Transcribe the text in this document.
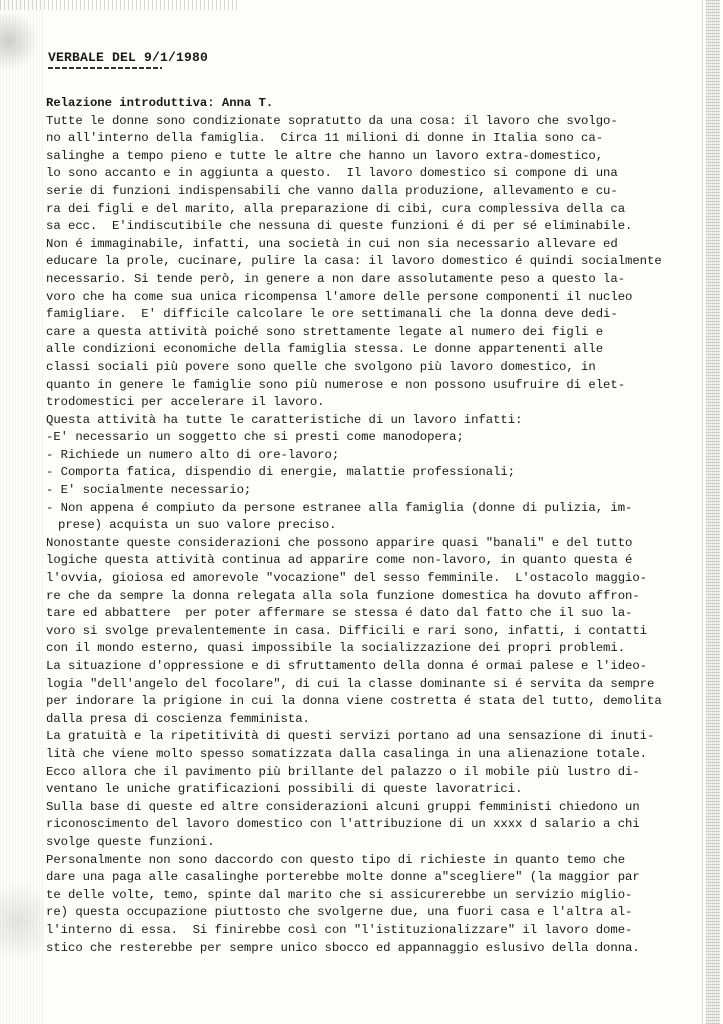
VERBALE DEL 9/1/1980
Relazione introduttiva: Anna T.
Tutte le donne sono condizionate sopratutto da una cosa: il lavoro che svolgo-
no all'interno della famiglia.  Circa 11 milioni di donne in Italia sono ca-
salinghe a tempo pieno e tutte le altre che hanno un lavoro extra-domestico,
lo sono accanto e in aggiunta a questo.  Il lavoro domestico si compone di una
serie di funzioni indispensabili che vanno dalla produzione, allevamento e cu-
ra dei figli e del marito, alla preparazione di cibi, cura complessiva della ca
sa ecc.  E'indiscutibile che nessuna di queste funzioni é di per sé eliminabile.
Non é immaginabile, infatti, una società in cui non sia necessario allevare ed
educare la prole, cucinare, pulire la casa: il lavoro domestico é quindi socialmente
necessario. Si tende però, in genere a non dare assolutamente peso a questo la-
voro che ha come sua unica ricompensa l'amore delle persone componenti il nucleo
famigliare.  E' difficile calcolare le ore settimanali che la donna deve dedi-
care a questa attività poiché sono strettamente legate al numero dei figli e
alle condizioni economiche della famiglia stessa. Le donne appartenenti alle
classi sociali più povere sono quelle che svolgono più lavoro domestico, in
quanto in genere le famiglie sono più numerose e non possono usufruire di elet-
trodomestici per accelerare il lavoro.
Questa attività ha tutte le caratteristiche di un lavoro infatti:
-E' necessario un soggetto che si presti come manodopera;
- Richiede un numero alto di ore-lavoro;
- Comporta fatica, dispendio di energie, malattie professionali;
- E' socialmente necessario;
- Non appena é compiuto da persone estranee alla famiglia (donne di pulizia, im-
prese) acquista un suo valore preciso.
Nonostante queste considerazioni che possono apparire quasi "banali" e del tutto
logiche questa attività continua ad apparire come non-lavoro, in quanto questa é
l'ovvia, gioiosa ed amorevole "vocazione" del sesso femminile.  L'ostacolo maggio-
re che da sempre la donna relegata alla sola funzione domestica ha dovuto affron-
tare ed abbattere  per poter affermare se stessa é dato dal fatto che il suo la-
voro si svolge prevalentemente in casa. Difficili e rari sono, infatti, i contatti
con il mondo esterno, quasi impossibile la socializzazione dei propri problemi.
La situazione d'oppressione e di sfruttamento della donna é ormai palese e l'ideo-
logia "dell'angelo del focolare", di cui la classe dominante si é servita da sempre
per indorare la prigione in cui la donna viene costretta é stata del tutto, demolita
dalla presa di coscienza femminista.
La gratuità e la ripetitività di questi servizi portano ad una sensazione di inuti-
lità che viene molto spesso somatizzata dalla casalinga in una alienazione totale.
Ecco allora che il pavimento più brillante del palazzo o il mobile più lustro di-
ventano le uniche gratificazioni possibili di queste lavoratrici.
Sulla base di queste ed altre considerazioni alcuni gruppi femministi chiedono un
riconoscimento del lavoro domestico con l'attribuzione di un xxxx d salario a chi
svolge queste funzioni.
Personalmente non sono daccordo con questo tipo di richieste in quanto temo che
dare una paga alle casalinghe porterebbe molte donne a"scegliere" (la maggior par
te delle volte, temo, spinte dal marito che si assicurerebbe un servizio miglio-
re) questa occupazione piuttosto che svolgerne due, una fuori casa e l'altra al-
l'interno di essa.  Si finirebbe così con "l'istituzionalizzare" il lavoro dome-
stico che resterebbe per sempre unico sbocco ed appannaggio eslusivo della donna.
